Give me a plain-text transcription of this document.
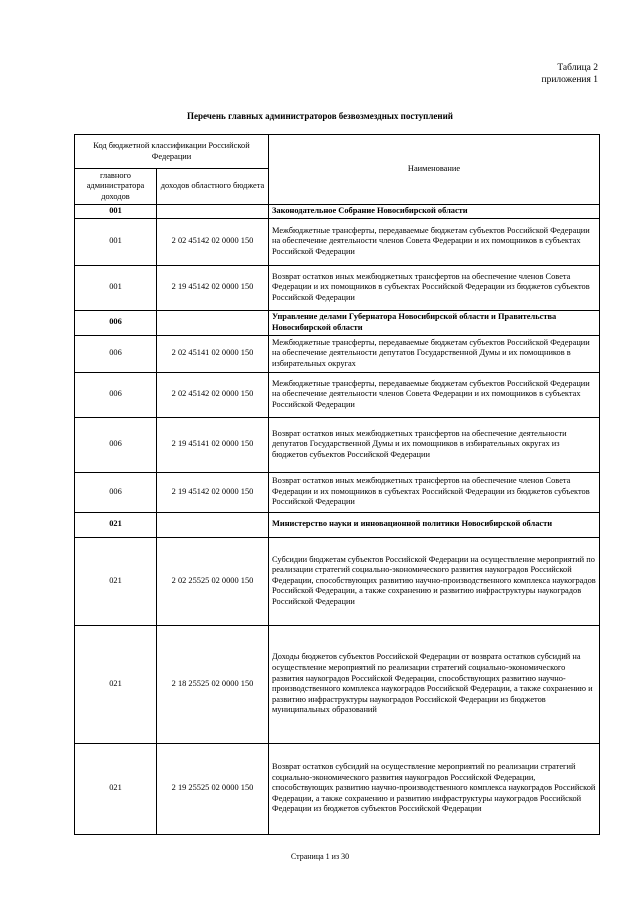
Таблица 2
приложения 1
Перечень главных администраторов безвозмездных поступлений
Код бюджетной классификации Российской Федерации		Наименование
главного администратора доходов	доходов областного бюджета	
001		Законодательное Собрание Новосибирской области
001	2 02 45142 02 0000 150	Межбюджетные трансферты, передаваемые бюджетам субъектов Российской Федерации на обеспечение деятельности членов Совета Федерации и их помощников в субъектах Российской Федерации
001	2 19 45142 02 0000 150	Возврат остатков иных межбюджетных трансфертов на обеспечение членов Совета Федерации и их помощников в субъектах Российской Федерации из бюджетов субъектов Российской Федерации
006		Управление делами Губернатора Новосибирской области и Правительства Новосибирской области
006	2 02 45141 02 0000 150	Межбюджетные трансферты, передаваемые бюджетам субъектов Российской Федерации на обеспечение деятельности депутатов Государственной Думы и их помощников в избирательных округах
006	2 02 45142 02 0000 150	Межбюджетные трансферты, передаваемые бюджетам субъектов Российской Федерации на обеспечение деятельности членов Совета Федерации и их помощников в субъектах Российской Федерации
006	2 19 45141 02 0000 150	Возврат остатков иных межбюджетных трансфертов на обеспечение деятельности депутатов Государственной Думы и их помощников в избирательных округах из бюджетов субъектов Российской Федерации
006	2 19 45142 02 0000 150	Возврат остатков иных межбюджетных трансфертов на обеспечение членов Совета Федерации и их помощников в субъектах Российской Федерации из бюджетов субъектов Российской Федерации
021		Министерство науки и инновационной политики Новосибирской области
021	2 02 25525 02 0000 150	Субсидии бюджетам субъектов Российской Федерации на осуществление мероприятий по реализации стратегий социально-экономического развития наукоградов Российской Федерации, способствующих развитию научно-производственного комплекса наукоградов Российской Федерации, а также сохранению и развитию инфраструктуры наукоградов Российской Федерации
021	2 18 25525 02 0000 150	Доходы бюджетов субъектов Российской Федерации от возврата остатков субсидий на осуществление мероприятий по реализации стратегий социально-экономического развития наукоградов Российской Федерации, способствующих развитию научно-производственного комплекса наукоградов Российской Федерации, а также сохранению и развитию инфраструктуры наукоградов Российской Федерации из бюджетов муниципальных образований
021	2 19 25525 02 0000 150	Возврат остатков субсидий на осуществление мероприятий по реализации стратегий социально-экономического развития наукоградов Российской Федерации, способствующих развитию научно-производственного комплекса наукоградов Российской Федерации, а также сохранению и развитию инфраструктуры наукоградов Российской Федерации из бюджетов субъектов Российской Федерации
Страница 1 из 30
